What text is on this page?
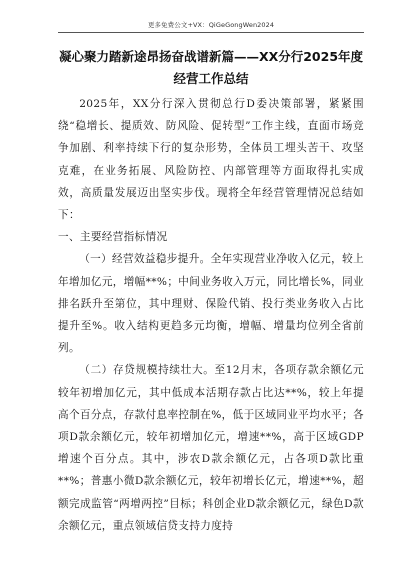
更多免费公文+VX：QiGeGongWen2024
凝心聚力踏新途昂扬奋战谱新篇——XX分行2025年度经营工作总结

2025年，XX分行深入贯彻总行D委决策部署，紧紧围绕“稳增长、提质效、防风险、促转型”工作主线，直面市场竞争加剧、利率持续下行的复杂形势，全体员工埋头苦干、攻坚克难，在业务拓展、风险防控、内部管理等方面取得扎实成效，高质量发展迈出坚实步伐。现将全年经营管理情况总结如下：

一、主要经营指标情况

（一）经营效益稳步提升。全年实现营业净收入亿元，较上年增加亿元，增幅**%；中间业务收入万元，同比增长%，同业排名跃升至第位，其中理财、保险代销、投行类业务收入占比提升至%。收入结构更趋多元均衡，增幅、增量均位列全省前列。

（二）存贷规模持续壮大。至12月末，各项存款余额亿元较年初增加亿元，其中低成本活期存款占比达**%，较上年提高个百分点，存款付息率控制在%，低于区域同业平均水平；各项D款余额亿元，较年初增加亿元，增速**%，高于区域GDP增速个百分点。其中，涉农D款余额亿元，占各项D款比重**%；普惠小微D款余额亿元，较年初增长亿元，增速**%，超额完成监管“两增两控”目标；科创企业D款余额亿元，绿色D款余额亿元，重点领域信贷支持力度持
